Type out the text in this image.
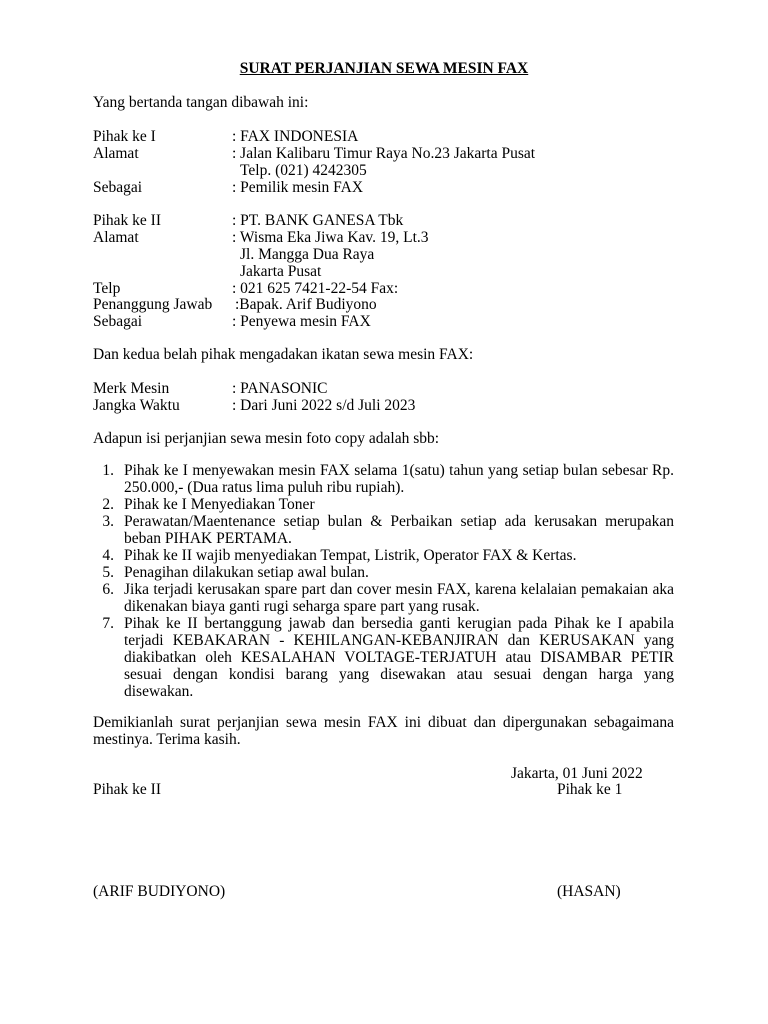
SURAT PERJANJIAN SEWA MESIN FAX
Yang bertanda tangan dibawah ini:
Pihak ke I	: FAX INDONESIA
Alamat	: Jalan Kalibaru Timur Raya No.23 Jakarta Pusat
Telp. (021) 4242305
Sebagai	: Pemilik mesin FAX
Pihak ke II	: PT. BANK GANESA Tbk
Alamat	: Wisma Eka Jiwa Kav. 19, Lt.3
Jl. Mangga Dua Raya
Jakarta Pusat
Telp	: 021 625 7421-22-54 Fax:
Penanggung Jawab :Bapak. Arif Budiyono
Sebagai	: Penyewa mesin FAX
Dan kedua belah pihak mengadakan ikatan sewa mesin FAX:
Merk Mesin	: PANASONIC
Jangka Waktu	: Dari Juni 2022 s/d Juli 2023
Adapun isi perjanjian sewa mesin foto copy adalah sbb:
1. Pihak ke I menyewakan mesin FAX selama 1(satu) tahun yang setiap bulan sebesar Rp. 250.000,- (Dua ratus lima puluh ribu rupiah).
2. Pihak ke I Menyediakan Toner
3. Perawatan/Maentenance setiap bulan & Perbaikan setiap ada kerusakan merupakan beban PIHAK PERTAMA.
4. Pihak ke II wajib menyediakan Tempat, Listrik, Operator FAX & Kertas.
5. Penagihan dilakukan setiap awal bulan.
6. Jika terjadi kerusakan spare part dan cover mesin FAX, karena kelalaian pemakaian aka dikenakan biaya ganti rugi seharga spare part yang rusak.
7. Pihak ke II bertanggung jawab dan bersedia ganti kerugian pada Pihak ke I apabila terjadi KEBAKARAN - KEHILANGAN-KEBANJIRAN dan KERUSAKAN yang diakibatkan oleh KESALAHAN VOLTAGE-TERJATUH atau DISAMBAR PETIR sesuai dengan kondisi barang yang disewakan atau sesuai dengan harga yang disewakan.
Demikianlah surat perjanjian sewa mesin FAX ini dibuat dan dipergunakan sebagaimana mestinya. Terima kasih.
Jakarta, 01 Juni 2022
Pihak ke II	Pihak ke 1
(ARIF BUDIYONO)	(HASAN)
